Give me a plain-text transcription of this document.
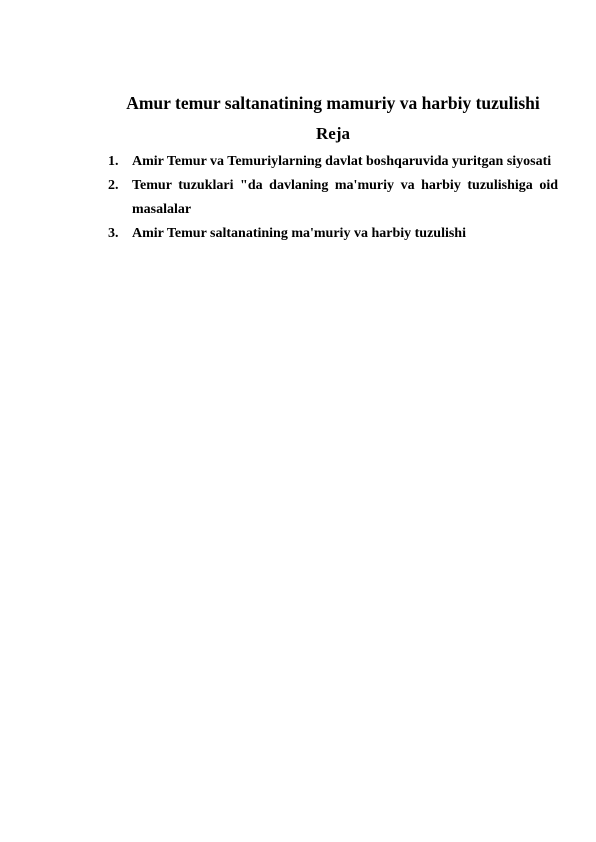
Amur temur saltanatining mamuriy va harbiy tuzulishi
Reja
1. Amir Temur va Temuriylarning davlat boshqaruvida yuritgan siyosati
2. Temur tuzuklari "da davlaning ma'muriy va harbiy tuzulishiga oid masalalar
3. Amir Temur saltanatining ma'muriy va harbiy tuzulishi
